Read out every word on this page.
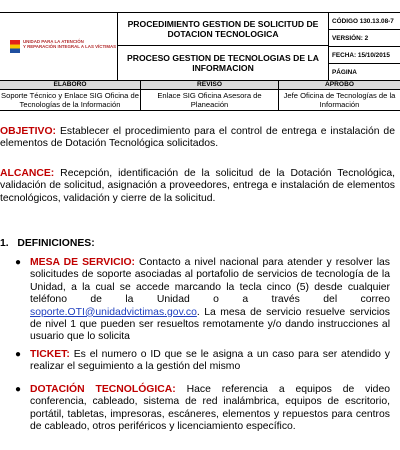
UNIDAD PARA LA ATENCIÓN
Y REPARACIÓN INTEGRAL A LAS VÍCTIMAS
PROCEDIMIENTO GESTION DE SOLICITUD DE DOTACION TECNOLOGICA
PROCESO GESTION DE TECNOLOGIAS DE LA INFORMACION
CÓDIGO 130.13.08-7
VERSIÓN: 2
FECHA: 15/10/2015
PÁGINA
ELABORÓ
Soporte Técnico y Enlace SIG Oficina de Tecnologías de la Información
REVISÓ
Enlace SIG Oficina Asesora de Planeación
APROBÓ
Jefe Oficina de Tecnologías de la Información
OBJETIVO: Establecer el procedimiento para el control de entrega e instalación de elementos de Dotación Tecnológica solicitados.
ALCANCE: Recepción, identificación de la solicitud de la Dotación Tecnológica, validación de solicitud, asignación a proveedores, entrega e instalación de elementos tecnológicos, validación y cierre de la solicitud.
1.   DEFINICIONES:
● MESA DE SERVICIO: Contacto a nivel nacional para atender y resolver las solicitudes de soporte asociadas al portafolio de servicios de tecnología de la Unidad, a la cual se accede marcando la tecla cinco (5) desde cualquier teléfono de la Unidad o a través del correo soporte.OTI@unidadvictimas.gov.co. La mesa de servicio resuelve servicios de nivel 1 que pueden ser resueltos remotamente y/o dando instrucciones al usuario que lo solicita
● TICKET: Es el numero o ID que se le asigna a un caso para ser atendido y realizar el seguimiento a la gestión del mismo
● DOTACIÓN TECNOLÓGICA: Hace referencia a equipos de video conferencia, cableado, sistema de red inalámbrica, equipos de escritorio, portátil, tabletas, impresoras, escáneres, elementos y repuestos para centros de cableado, otros periféricos y licenciamiento específico.
